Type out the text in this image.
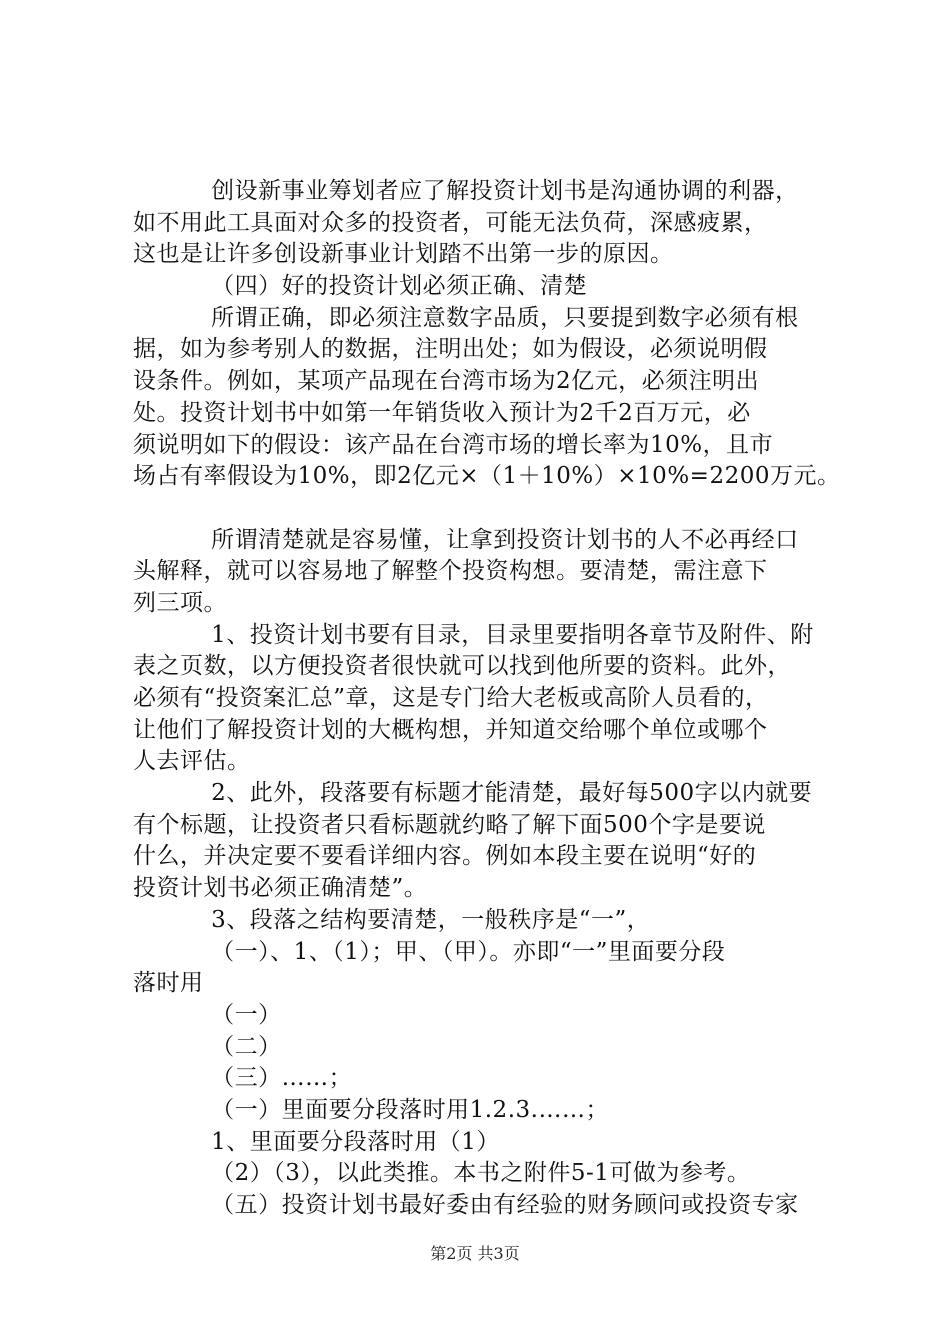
创设新事业筹划者应了解投资计划书是沟通协调的利器，
如不用此工具面对众多的投资者，可能无法负荷，深感疲累，
这也是让许多创设新事业计划踏不出第一步的原因。
（四）好的投资计划必须正确、清楚
所谓正确，即必须注意数字品质，只要提到数字必须有根
据，如为参考别人的数据，注明出处；如为假设，必须说明假
设条件。例如，某项产品现在台湾市场为2亿元，必须注明出
处。投资计划书中如第一年销货收入预计为2千2百万元，必
须说明如下的假设：该产品在台湾市场的增长率为10%，且市
场占有率假设为10%，即2亿元×（1＋10%）×10%=2200万元。
所谓清楚就是容易懂，让拿到投资计划书的人不必再经口
头解释，就可以容易地了解整个投资构想。要清楚，需注意下
列三项。
1、投资计划书要有目录，目录里要指明各章节及附件、附
表之页数，以方便投资者很快就可以找到他所要的资料。此外，
必须有“投资案汇总”章，这是专门给大老板或高阶人员看的，
让他们了解投资计划的大概构想，并知道交给哪个单位或哪个
人去评估。
2、此外，段落要有标题才能清楚，最好每500字以内就要
有个标题，让投资者只看标题就约略了解下面500个字是要说
什么，并决定要不要看详细内容。例如本段主要在说明“好的
投资计划书必须正确清楚”。
3、段落之结构要清楚，一般秩序是“一”，
（一）、1、（1）；甲、（甲）。亦即“一”里面要分段
落时用
（一）
（二）
（三）……；
（一）里面要分段落时用1.2.3.……；
1、里面要分段落时用（1）
（2）（3），以此类推。本书之附件5-1可做为参考。
（五）投资计划书最好委由有经验的财务顾问或投资专家
第2页 共3页
